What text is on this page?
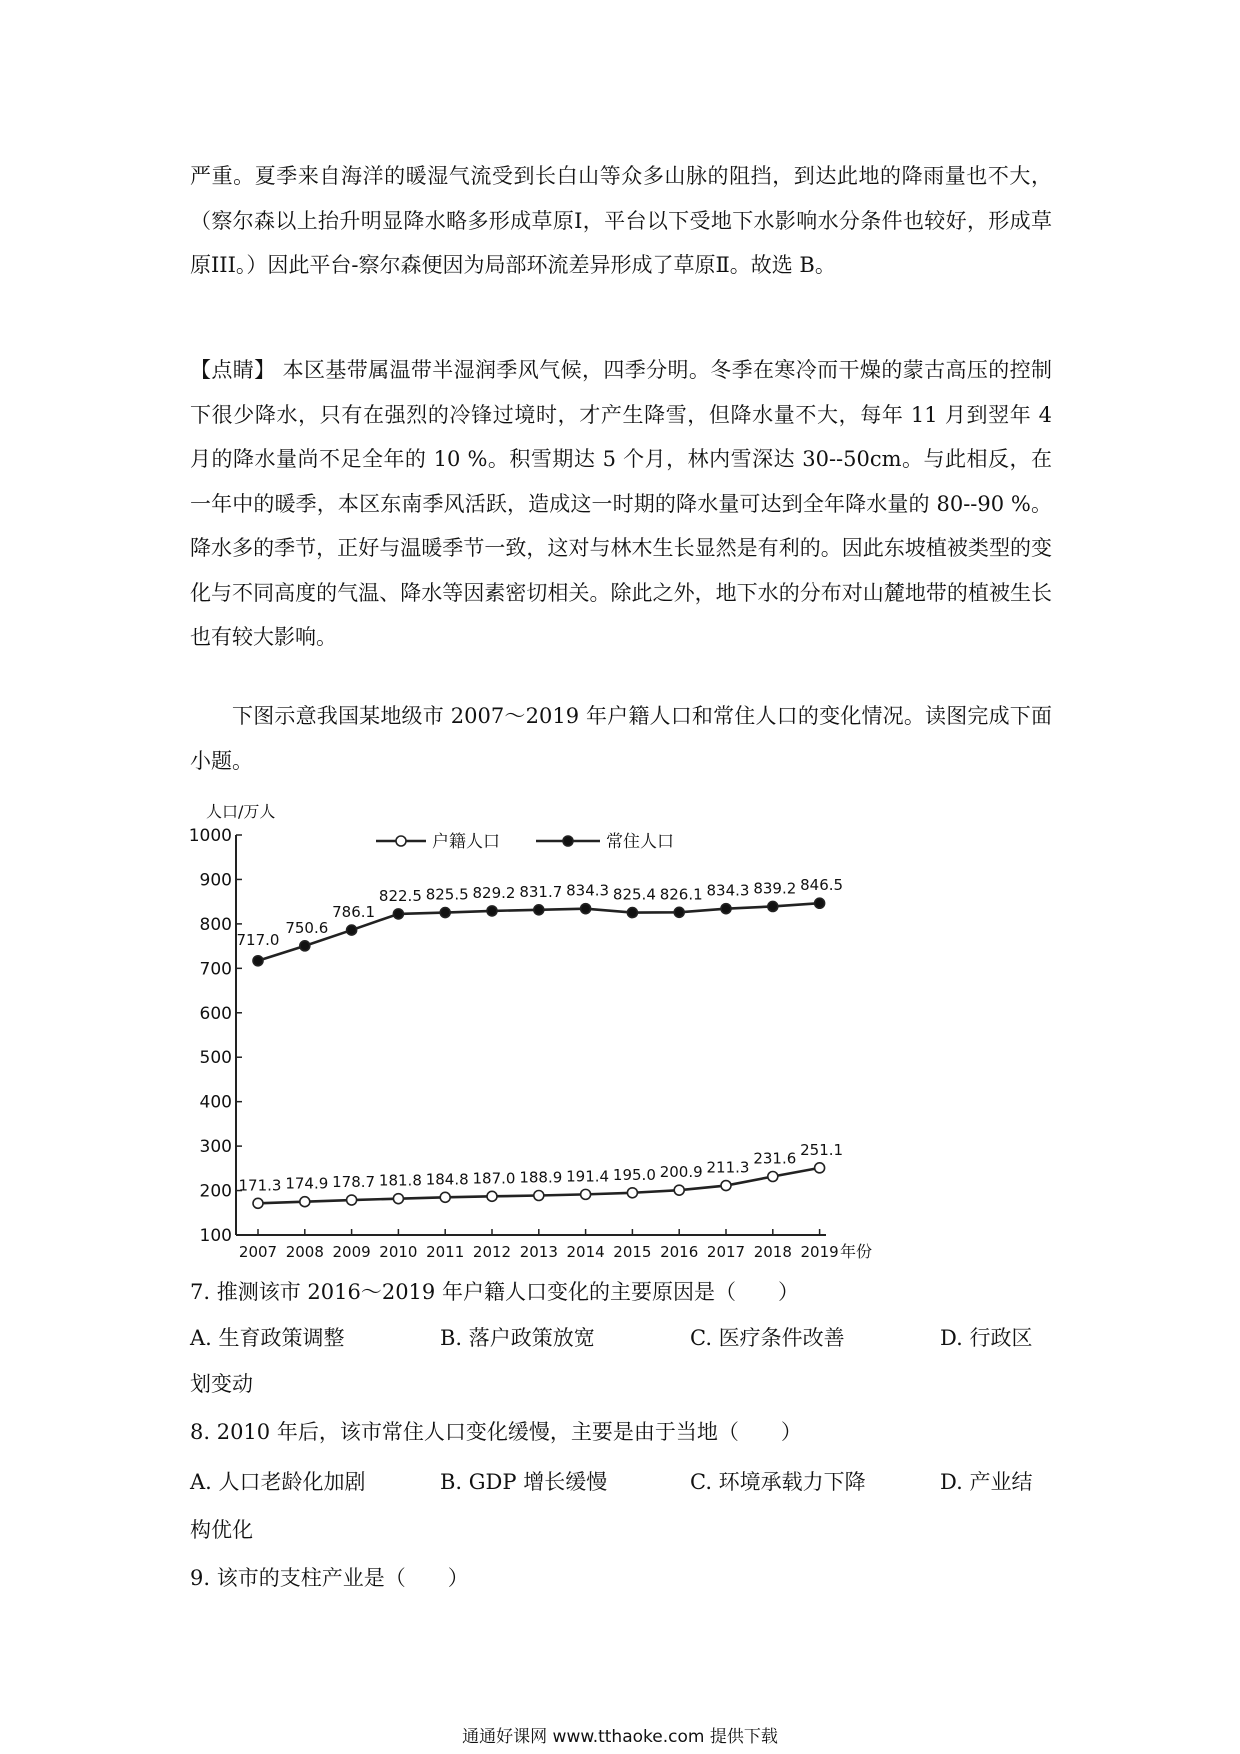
严重。夏季来自海洋的暖湿气流受到长白山等众多山脉的阻挡，到达此地的降雨量也不大，（察尔森以上抬升明显降水略多形成草原Ⅰ，平台以下受地下水影响水分条件也较好，形成草原III。）因此平台-察尔森便因为局部环流差异形成了草原Ⅱ。故选 B。
【点睛】 本区基带属温带半湿润季风气候，四季分明。冬季在寒冷而干燥的蒙古高压的控制下很少降水，只有在强烈的冷锋过境时，才产生降雪，但降水量不大，每年 11 月到翌年 4 月的降水量尚不足全年的 10 %。积雪期达 5 个月，林内雪深达 30--50cm。与此相反，在一年中的暖季，本区东南季风活跃，造成这一时期的降水量可达到全年降水量的 80--90 %。降水多的季节，正好与温暖季节一致，这对与林木生长显然是有利的。因此东坡植被类型的变化与不同高度的气温、降水等因素密切相关。除此之外，地下水的分布对山麓地带的植被生长也有较大影响。
下图示意我国某地级市 2007～2019 年户籍人口和常住人口的变化情况。读图完成下面小题。
100
200
300
400
500
600
700
800
900
1000
2007 2008 2009 2010 2011 2012 2013 2014 2015 2016 2017 2018 2019
人口/万人
年份
171.3 174.9 178.7 181.8 184.8 187.0 188.9 191.4 195.0 200.9 211.3
231.6 251.1
717.0
750.6
786.1
822.5 825.5 829.2 831.7 834.3 825.4 826.1 834.3 839.2 846.5
户籍人口	常住人口
7. 推测该市 2016～2019 年户籍人口变化的主要原因是（　　）
A. 生育政策调整	B. 落户政策放宽	C. 医疗条件改善	D. 行政区
划变动
8. 2010 年后，该市常住人口变化缓慢，主要是由于当地（　　）
A. 人口老龄化加剧	B. GDP 增长缓慢	C. 环境承载力下降	D. 产业结
构优化
9. 该市的支柱产业是（　　）
通通好课网 www.tthaoke.com 提供下载
